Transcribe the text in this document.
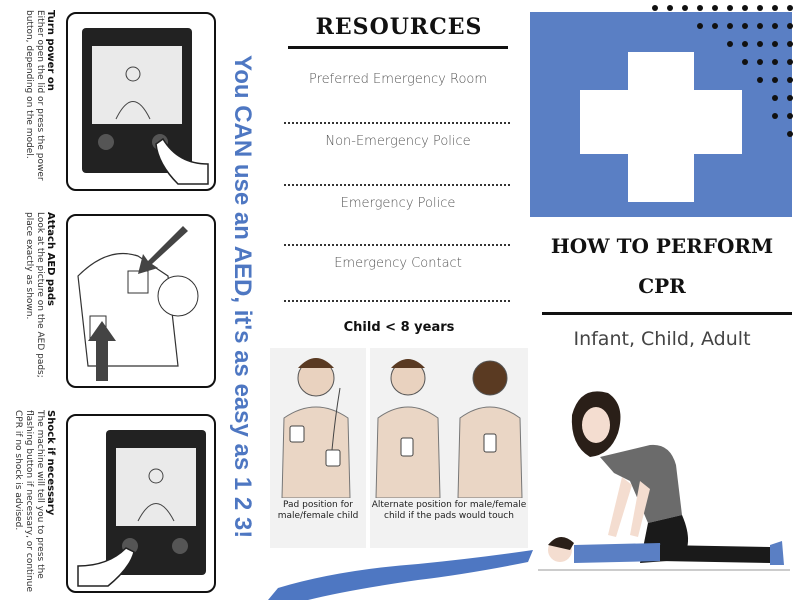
Turn power on
Either open the lid or press the power button, depending on the model.
Attach AED pads
Look at the picture on the AED pads; place exactly as shown.
Shock if necessary
The machine will tell you to press the flashing button if necessary, or continue CPR if no shock is advised.	You CAN use an AED, it's as easy as 1 2 3!
RESOURCES
Preferred Emergency Room
Non-Emergency Police
Emergency Police
Emergency Contact
Child < 8 years
Pad position for male/female child
Alternate position for male/female child if the pads would touch
HOW TO PERFORM
CPR
Infant, Child, Adult
